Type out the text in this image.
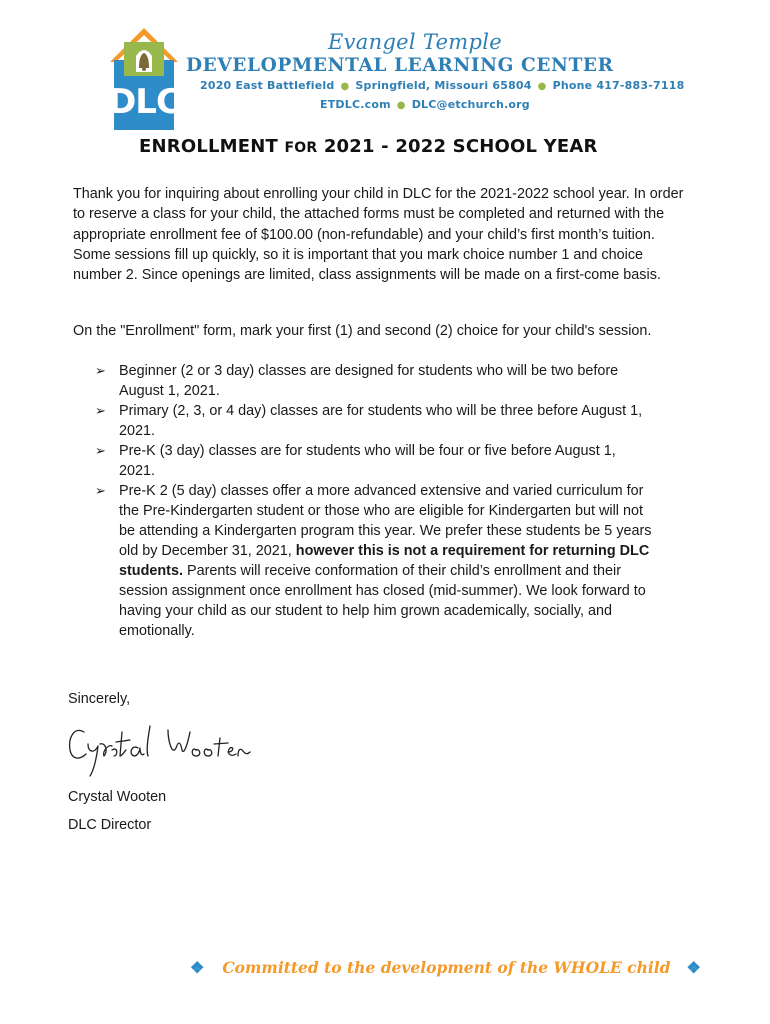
DLC
Evangel Temple
DEVELOPMENTAL LEARNING CENTER
2020 East Battlefield ● Springfield, Missouri 65804 ● Phone 417-883-7118
ETDLC.com ● DLC@etchurch.org
ENROLLMENT FOR 2021 - 2022 SCHOOL YEAR
Thank you for inquiring about enrolling your child in DLC for the 2021-2022 school year. In order to reserve a class for your child, the attached forms must be completed and returned with the appropriate enrollment fee of $100.00 (non-refundable) and your child’s first month’s tuition. Some sessions fill up quickly, so it is important that you mark choice number 1 and choice number 2. Since openings are limited, class assignments will be made on a first-come basis.
On the "Enrollment" form, mark your first (1) and second (2) choice for your child's session.
➢ Beginner (2 or 3 day) classes are designed for students who will be two before August 1, 2021.
➢ Primary (2, 3, or 4 day) classes are for students who will be three before August 1, 2021.
➢ Pre-K (3 day) classes are for students who will be four or five before August 1, 2021.
➢ Pre-K 2 (5 day) classes offer a more advanced extensive and varied curriculum for the Pre-Kindergarten student or those who are eligible for Kindergarten but will not be attending a Kindergarten program this year. We prefer these students be 5 years old by December 31, 2021, however this is not a requirement for returning DLC students. Parents will receive conformation of their child’s enrollment and their session assignment once enrollment has closed (mid-summer). We look forward to having your child as our student to help him grown academically, socially, and emotionally.
Sincerely,
Crystal Wooten
Crystal Wooten
DLC Director
❖ Committed to the development of the WHOLE child ❖
